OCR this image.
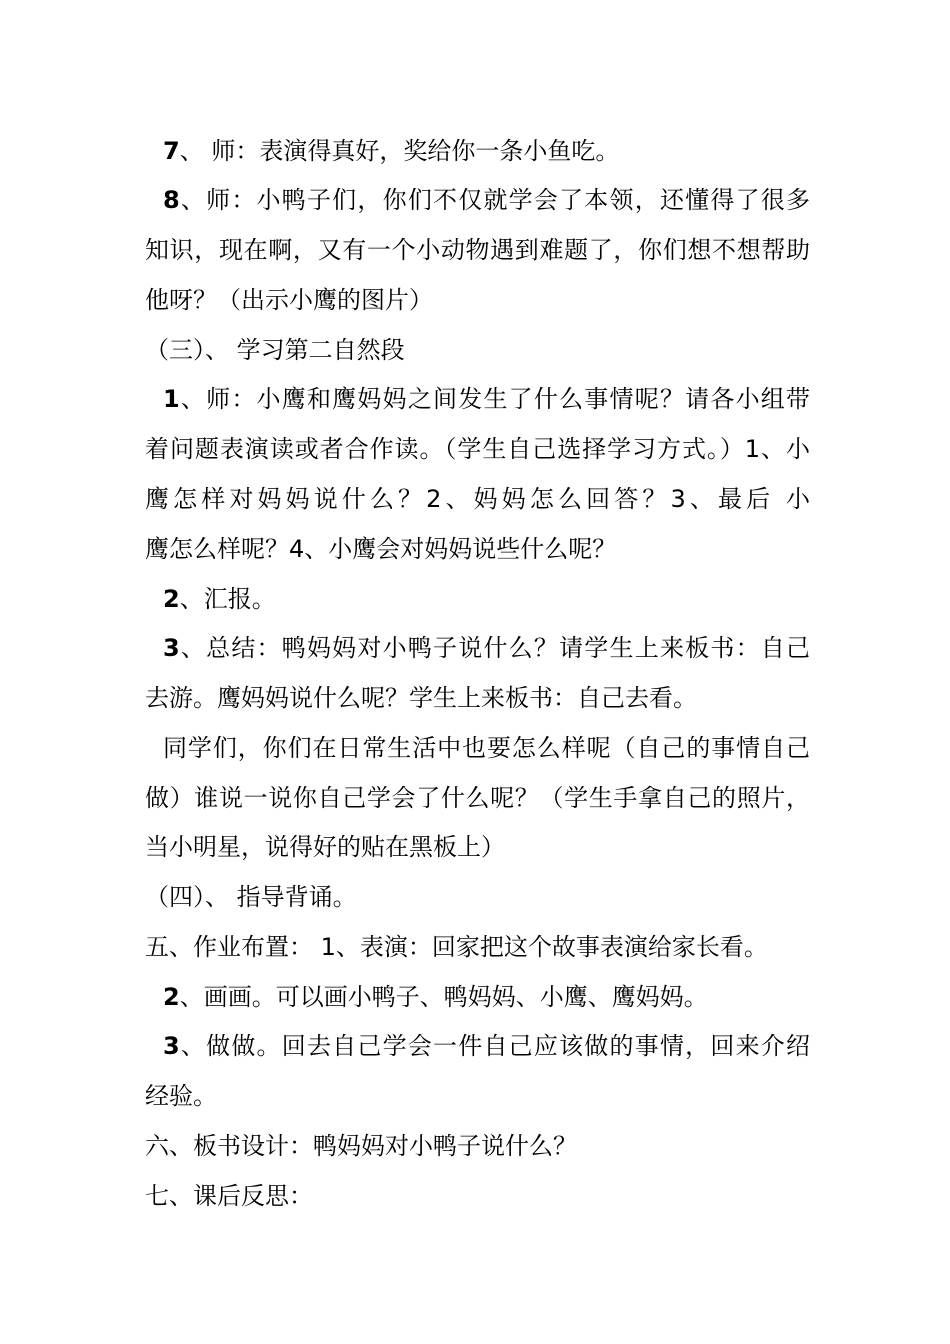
7、 师：表演得真好，奖给你一条小鱼吃。
8、师：小鸭子们，你们不仅就学会了本领，还懂得了很多
知识，现在啊，又有一个小动物遇到难题了，你们想不想帮助
他呀？（出示小鹰的图片）
（三）、 学习第二自然段
1、师：小鹰和鹰妈妈之间发生了什么事情呢？请各小组带
着问题表演读或者合作读。（学生自己选择学习方式。）1、小
鹰怎样对妈妈说什么？2、妈妈怎么回答？3、最后 小
鹰怎么样呢？4、小鹰会对妈妈说些什么呢？
2、汇报。
3、总结：鸭妈妈对小鸭子说什么？请学生上来板书：自己
去游。鹰妈妈说什么呢？学生上来板书：自己去看。
同学们，你们在日常生活中也要怎么样呢（自己的事情自己
做）谁说一说你自己学会了什么呢？（学生手拿自己的照片，
当小明星，说得好的贴在黑板上）
（四）、 指导背诵。
五、作业布置： 1、表演：回家把这个故事表演给家长看。
2、画画。可以画小鸭子、鸭妈妈、小鹰、鹰妈妈。
3、做做。回去自己学会一件自己应该做的事情，回来介绍
经验。
六、板书设计：鸭妈妈对小鸭子说什么？
七、课后反思：
